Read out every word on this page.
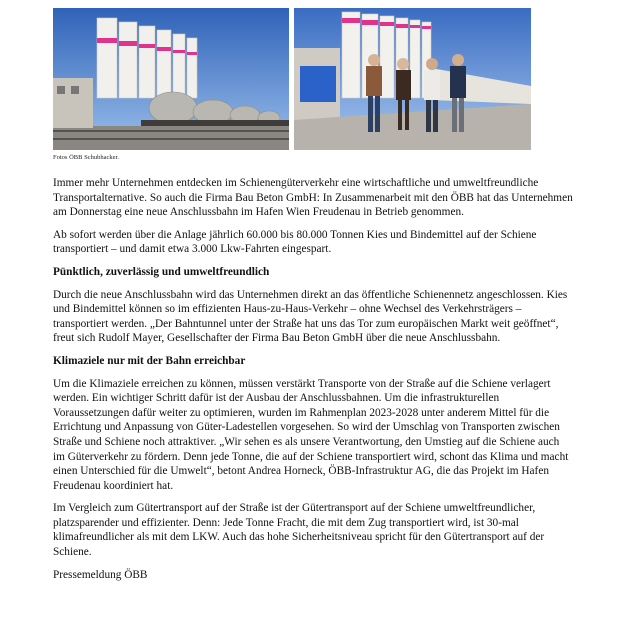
Fotos ÖBB Schubhacker.

Immer mehr Unternehmen entdecken im Schienengüterverkehr eine wirtschaftliche und umweltfreundliche Transportalternative. So auch die Firma Bau Beton GmbH: In Zusammenarbeit mit den ÖBB hat das Unternehmen am Donnerstag eine neue Anschlussbahn im Hafen Wien Freudenau in Betrieb genommen.

Ab sofort werden über die Anlage jährlich 60.000 bis 80.000 Tonnen Kies und Bindemittel auf der Schiene transportiert – und damit etwa 3.000 Lkw-Fahrten eingespart.

Pünktlich, zuverlässig und umweltfreundlich

Durch die neue Anschlussbahn wird das Unternehmen direkt an das öffentliche Schienennetz angeschlossen. Kies und Bindemittel können so im effizienten Haus-zu-Haus-Verkehr – ohne Wechsel des Verkehrsträgers – transportiert werden. „Der Bahntunnel unter der Straße hat uns das Tor zum europäischen Markt weit geöffnet“, freut sich Rudolf Mayer, Gesellschafter der Firma Bau Beton GmbH über die neue Anschlussbahn.

Klimaziele nur mit der Bahn erreichbar

Um die Klimaziele erreichen zu können, müssen verstärkt Transporte von der Straße auf die Schiene verlagert werden. Ein wichtiger Schritt dafür ist der Ausbau der Anschlussbahnen. Um die infrastrukturellen Voraussetzungen dafür weiter zu optimieren, wurden im Rahmenplan 2023-2028 unter anderem Mittel für die Errichtung und Anpassung von Güter-Ladestellen vorgesehen. So wird der Umschlag von Transporten zwischen Straße und Schiene noch attraktiver. „Wir sehen es als unsere Verantwortung, den Umstieg auf die Schiene auch im Güterverkehr zu fördern. Denn jede Tonne, die auf der Schiene transportiert wird, schont das Klima und macht einen Unterschied für die Umwelt“, betont Andrea Horneck, ÖBB-Infrastruktur AG, die das Projekt im Hafen Freudenau koordiniert hat.

Im Vergleich zum Gütertransport auf der Straße ist der Gütertransport auf der Schiene umweltfreundlicher, platzsparender und effizienter. Denn: Jede Tonne Fracht, die mit dem Zug transportiert wird, ist 30-mal klimafreundlicher als mit dem LKW. Auch das hohe Sicherheitsniveau spricht für den Gütertransport auf der Schiene.

Pressemeldung ÖBB
